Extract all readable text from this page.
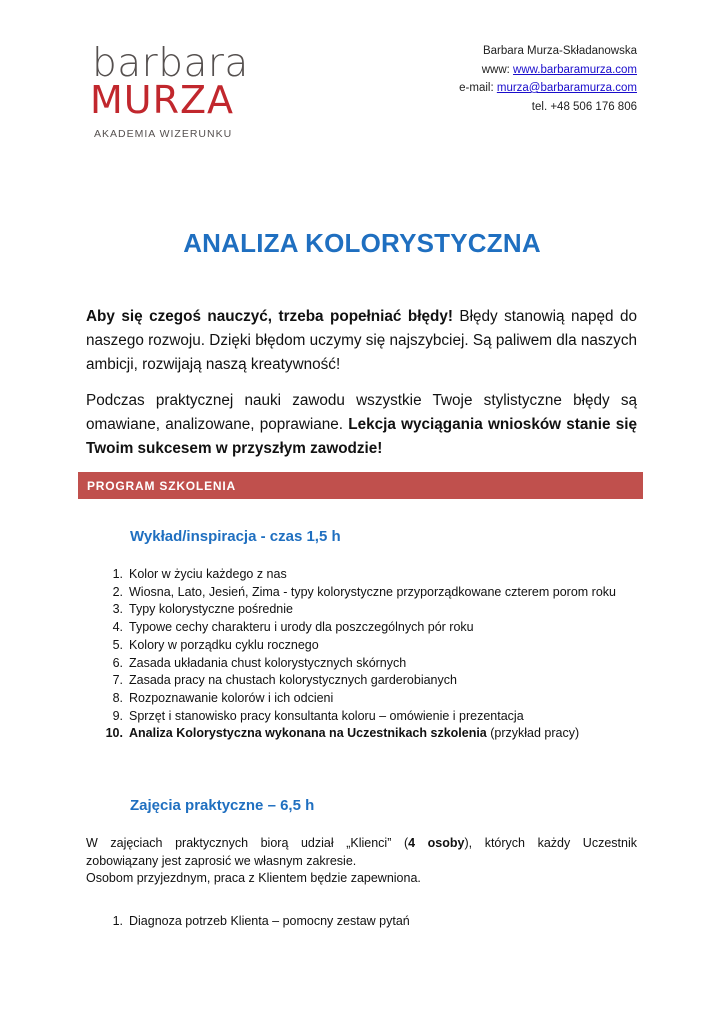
barbara
MURZA
AKADEMIA WIZERUNKU
Barbara Murza-Składanowska
www: www.barbaramurza.com
e-mail: murza@barbaramurza.com
tel. +48 506 176 806
ANALIZA KOLORYSTYCZNA
Aby się czegoś nauczyć, trzeba popełniać błędy! Błędy stanowią napęd do naszego rozwoju. Dzięki błędom uczymy się najszybciej. Są paliwem dla naszych ambicji, rozwijają naszą kreatywność!
Podczas praktycznej nauki zawodu wszystkie Twoje stylistyczne błędy są omawiane, analizowane, poprawiane. Lekcja wyciągania wniosków stanie się Twoim sukcesem w przyszłym zawodzie!
PROGRAM SZKOLENIA
Wykład/inspiracja - czas 1,5 h
1. Kolor w życiu każdego z nas
2. Wiosna, Lato, Jesień, Zima - typy kolorystyczne przyporządkowane czterem porom roku
3. Typy kolorystyczne pośrednie
4. Typowe cechy charakteru i urody dla poszczególnych pór roku
5. Kolory w porządku cyklu rocznego
6. Zasada układania chust kolorystycznych skórnych
7. Zasada pracy na chustach kolorystycznych garderobianych
8. Rozpoznawanie kolorów i ich odcieni
9. Sprzęt i stanowisko pracy konsultanta koloru – omówienie i prezentacja
10. Analiza Kolorystyczna wykonana na Uczestnikach szkolenia (przykład pracy)
Zajęcia praktyczne – 6,5 h
W zajęciach praktycznych biorą udział „Klienci” (4 osoby), których każdy Uczestnik
zobowiązany jest zaprosić we własnym zakresie.
Osobom przyjezdnym, praca z Klientem będzie zapewniona.
1. Diagnoza potrzeb Klienta – pomocny zestaw pytań
